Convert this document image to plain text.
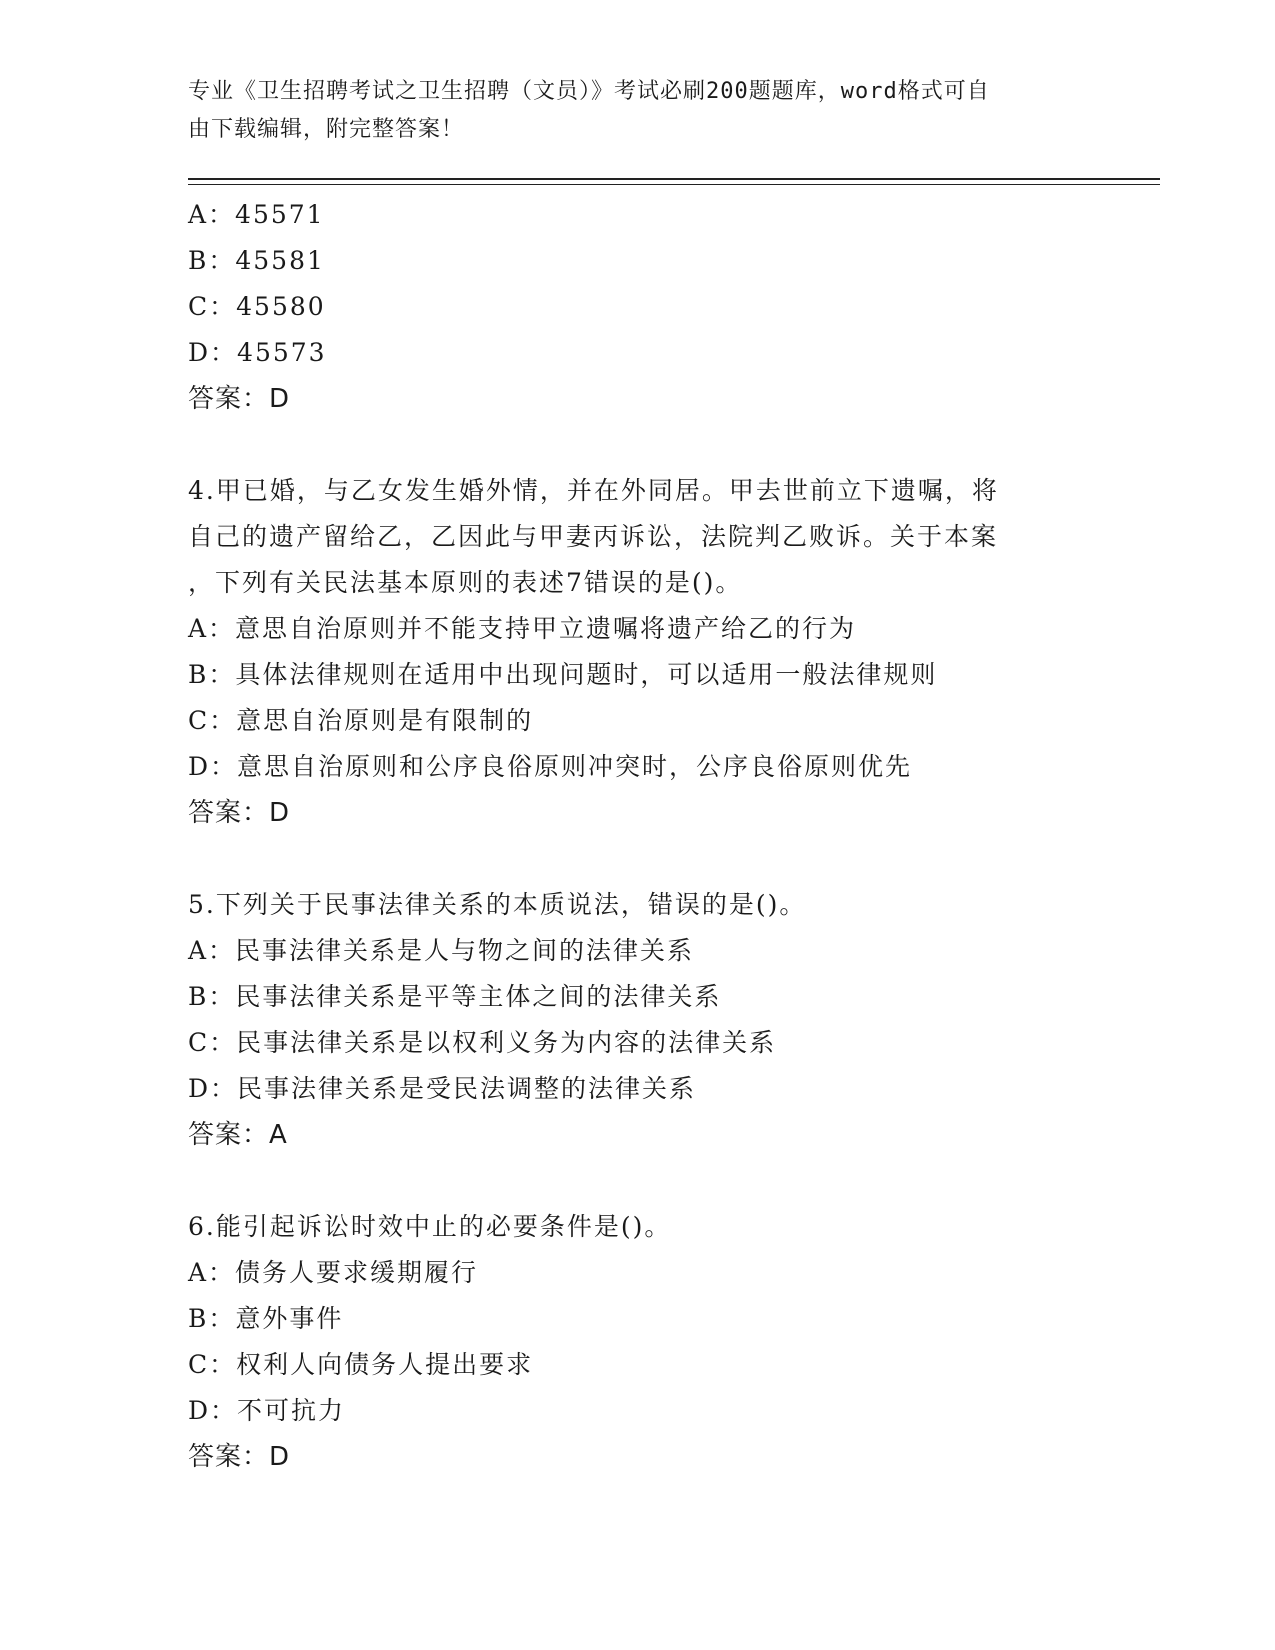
专业《卫生招聘考试之卫生招聘（文员）》考试必刷200题题库，word格式可自
由下载编辑，附完整答案！
A：45571
B：45581
C：45580
D：45573
答案：D
4.甲已婚，与乙女发生婚外情，并在外同居。甲去世前立下遗嘱，将
自己的遗产留给乙，乙因此与甲妻丙诉讼，法院判乙败诉。关于本案
，下列有关民法基本原则的表述7错误的是()。
A：意思自治原则并不能支持甲立遗嘱将遗产给乙的行为
B：具体法律规则在适用中出现问题时，可以适用一般法律规则
C：意思自治原则是有限制的
D：意思自治原则和公序良俗原则冲突时，公序良俗原则优先
答案：D
5.下列关于民事法律关系的本质说法，错误的是()。
A：民事法律关系是人与物之间的法律关系
B：民事法律关系是平等主体之间的法律关系
C：民事法律关系是以权利义务为内容的法律关系
D：民事法律关系是受民法调整的法律关系
答案：A
6.能引起诉讼时效中止的必要条件是()。
A：债务人要求缓期履行
B：意外事件
C：权利人向债务人提出要求
D：不可抗力
答案：D
